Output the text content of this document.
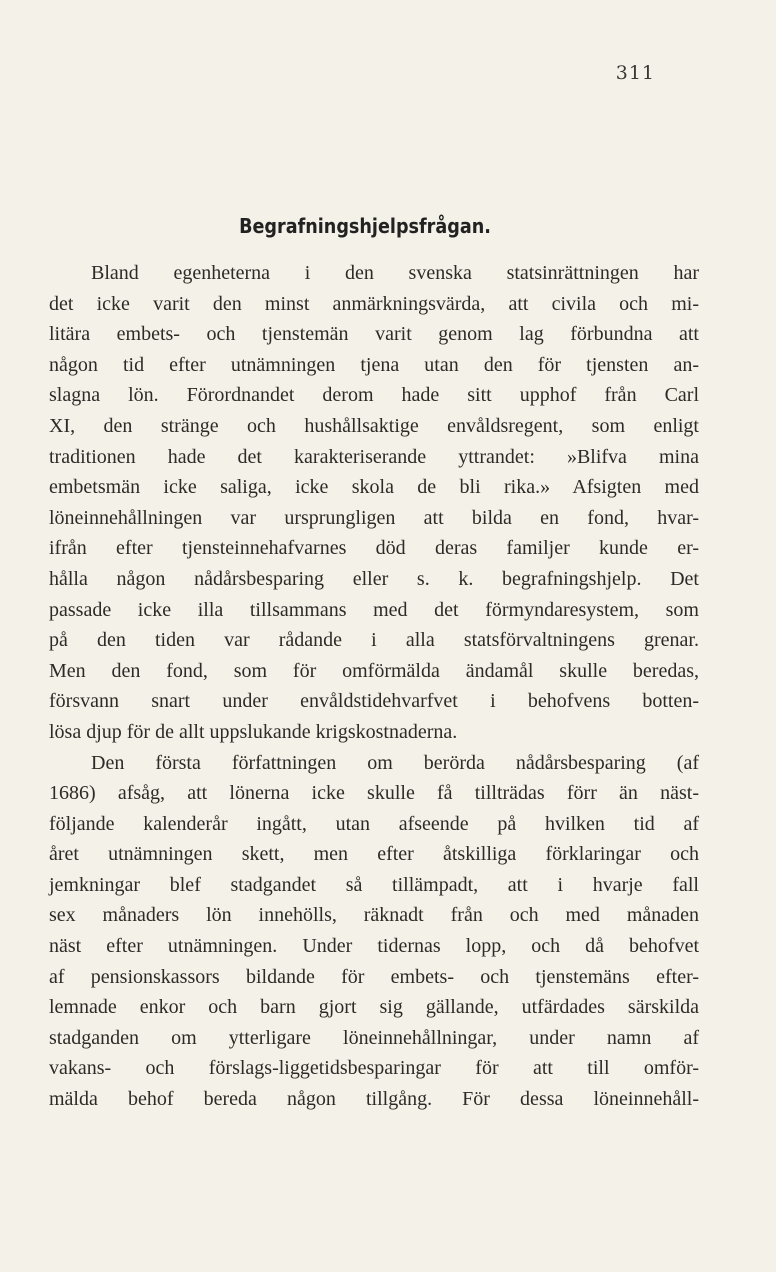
311
Begrafningshjelpsfrågan.
Bland egenheterna i den svenska statsinrättningen har
det icke varit den minst anmärkningsvärda, att civila och mi-
litära embets- och tjenstemän varit genom lag förbundna att
någon tid efter utnämningen tjena utan den för tjensten an-
slagna lön. Förordnandet derom hade sitt upphof från Carl
XI, den stränge och hushållsaktige envåldsregent, som enligt
traditionen hade det karakteriserande yttrandet: »Blifva mina
embetsmän icke saliga, icke skola de bli rika.» Afsigten med
löneinnehållningen var ursprungligen att bilda en fond, hvar-
ifrån efter tjensteinnehafvarnes död deras familjer kunde er-
hålla någon nådårsbesparing eller s. k. begrafningshjelp. Det
passade icke illa tillsammans med det förmyndaresystem, som
på den tiden var rådande i alla statsförvaltningens grenar.
Men den fond, som för omförmälda ändamål skulle beredas,
försvann snart under envåldstidehvarfvet i behofvens botten-
lösa djup för de allt uppslukande krigskostnaderna.
Den första författningen om berörda nådårsbesparing (af
1686) afsåg, att lönerna icke skulle få tillträdas förr än näst-
följande kalenderår ingått, utan afseende på hvilken tid af
året utnämningen skett, men efter åtskilliga förklaringar och
jemkningar blef stadgandet så tillämpadt, att i hvarje fall
sex månaders lön innehölls, räknadt från och med månaden
näst efter utnämningen. Under tidernas lopp, och då behofvet
af pensionskassors bildande för embets- och tjenstemäns efter-
lemnade enkor och barn gjort sig gällande, utfärdades särskilda
stadganden om ytterligare löneinnehållningar, under namn af
vakans- och förslags-liggetidsbesparingar för att till omför-
mälda behof bereda någon tillgång. För dessa löneinnehåll-
